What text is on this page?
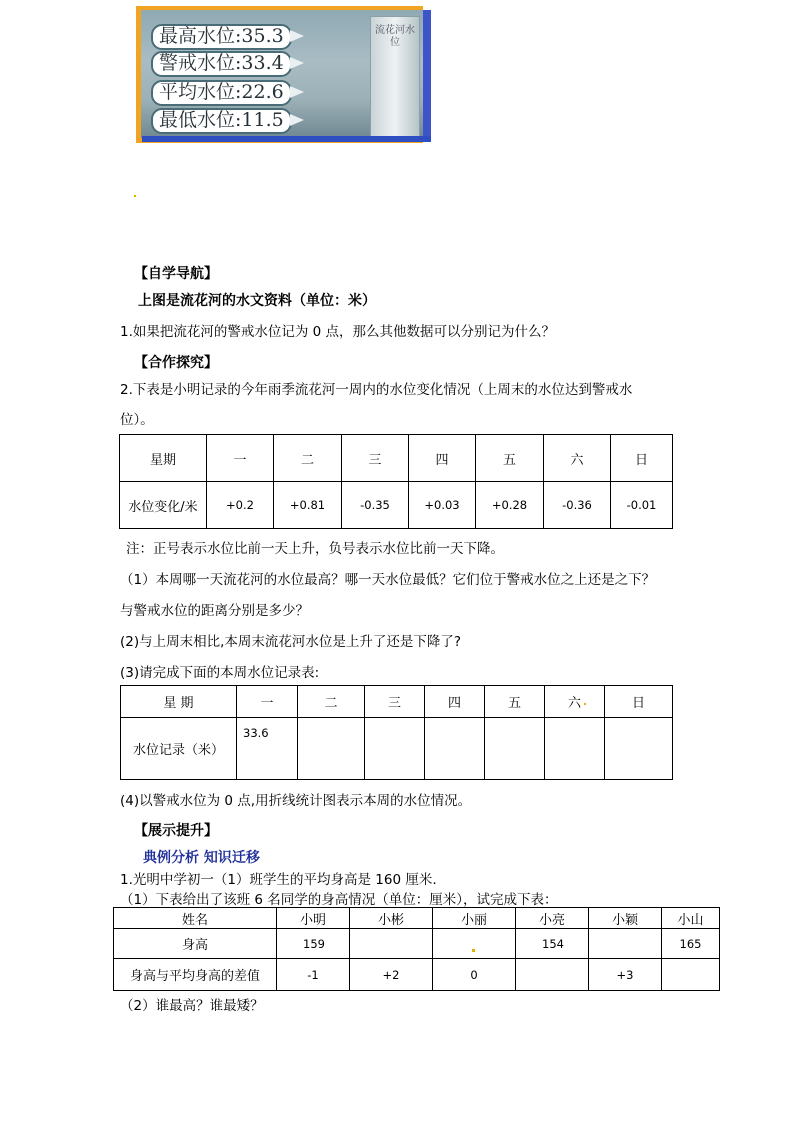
最高水位:35.3
警戒水位:33.4
平均水位:22.6
最低水位:11.5
流花河水位
【自学导航】
上图是流花河的水文资料（单位：米）
1.如果把流花河的警戒水位记为 0 点，那么其他数据可以分别记为什么？
【合作探究】
2.下表是小明记录的今年雨季流花河一周内的水位变化情况（上周末的水位达到警戒水
位）。
星期	一	二	三	四	五	六	日
水位变化/米	+0.2	+0.81	-0.35	+0.03	+0.28	-0.36	-0.01
注：正号表示水位比前一天上升，负号表示水位比前一天下降。
（1）本周哪一天流花河的水位最高？哪一天水位最低？它们位于警戒水位之上还是之下？
与警戒水位的距离分别是多少？
(2)与上周末相比,本周末流花河水位是上升了还是下降了?
(3)请完成下面的本周水位记录表:
星 期	一	二	三	四	五	六	日
水位记录（米）	33.6						
(4)以警戒水位为 0 点,用折线统计图表示本周的水位情况。
【展示提升】
典例分析 知识迁移
1.光明中学初一（1）班学生的平均身高是 160 厘米.
（1）下表给出了该班 6 名同学的身高情况（单位：厘米），试完成下表：
姓名	小明	小彬	小丽	小亮	小颖	小山
身高	159			154		165
身高与平均身高的差值	-1	+2	0		+3	
（2）谁最高？谁最矮？
